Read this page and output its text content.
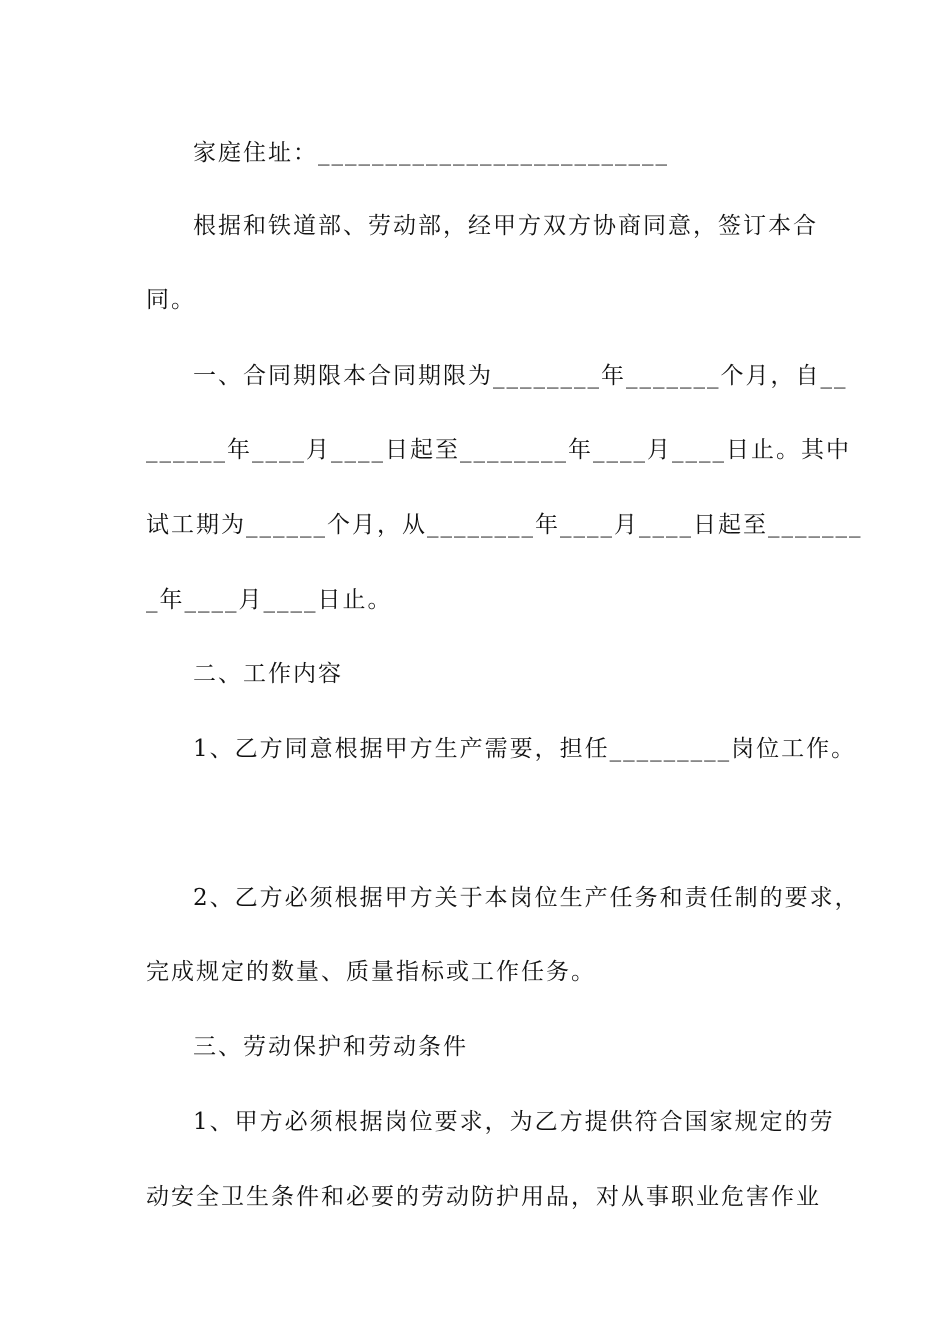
家庭住址：__________________________
根据和铁道部、劳动部，经甲方双方协商同意，签订本合
同。
一、合同期限本合同期限为________年_______个月，自__
______年____月____日起至________年____月____日止。其中
试工期为______个月，从________年____月____日起至_______
_年____月____日止。
二、工作内容
1、乙方同意根据甲方生产需要，担任_________岗位工作。
2、乙方必须根据甲方关于本岗位生产任务和责任制的要求，
完成规定的数量、质量指标或工作任务。
三、劳动保护和劳动条件
1、甲方必须根据岗位要求，为乙方提供符合国家规定的劳
动安全卫生条件和必要的劳动防护用品，对从事职业危害作业
